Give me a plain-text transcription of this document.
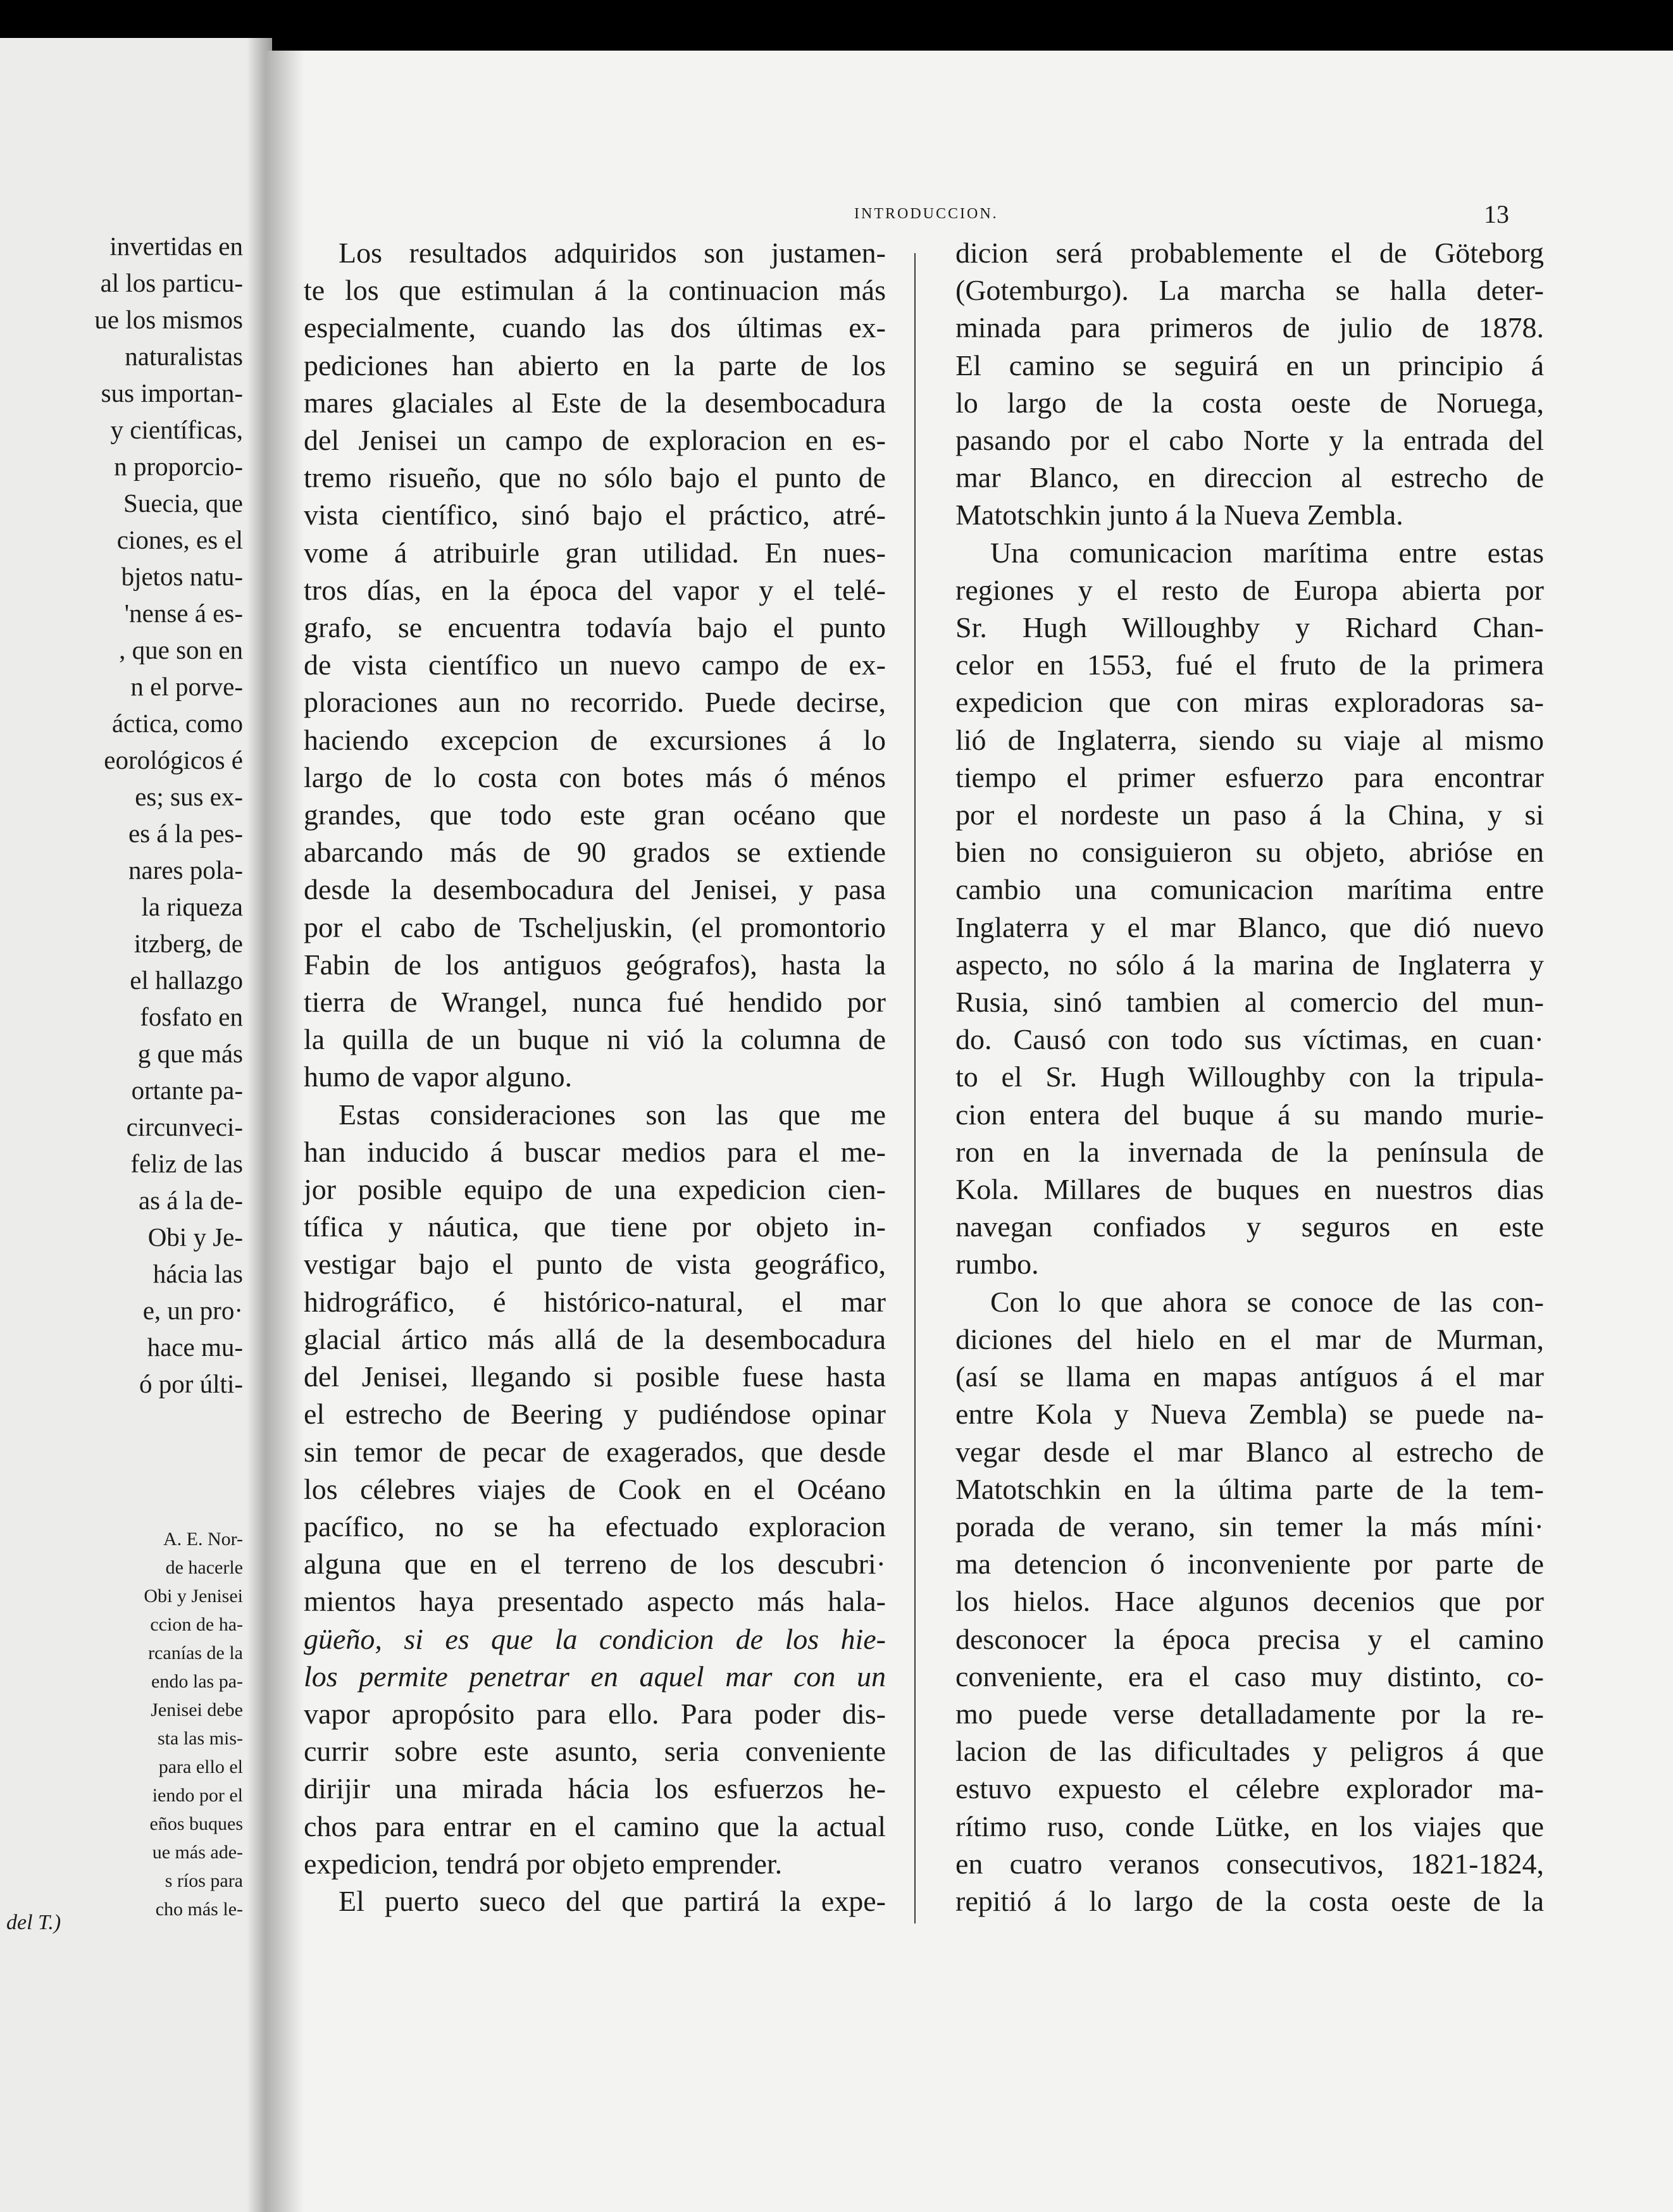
invertidas en
al los particu-
ue los mismos
naturalistas
sus importan-
y científicas,
n proporcio-
Suecia, que
ciones, es el
bjetos natu-
'nense á es-
, que son en
n el porve-
áctica, como
eorológicos é
es; sus ex-
es á la pes-
nares pola-
la riqueza
itzberg, de
el hallazgo
fosfato en
g que más
ortante pa-
circunveci-
feliz de las
as á la de-
Obi y Je-
hácia las
e, un pro·
hace mu-
ó por últi-
A. E. Nor-
de hacerle
Obi y Jenisei
ccion de ha-
rcanías de la
endo las pa-
Jenisei debe
sta las mis-
para ello el
iendo por el
eños buques
ue más ade-
s ríos para
cho más le-
del T.)
INTRODUCCION.	13
Los resultados adquiridos son justamen-
te los que estimulan á la continuacion más
especialmente, cuando las dos últimas ex-
pediciones han abierto en la parte de los
mares glaciales al Este de la desembocadura
del Jenisei un campo de exploracion en es-
tremo risueño, que no sólo bajo el punto de
vista científico, sinó bajo el práctico, atré-
vome á atribuirle gran utilidad. En nues-
tros días, en la época del vapor y el telé-
grafo, se encuentra todavía bajo el punto
de vista científico un nuevo campo de ex-
ploraciones aun no recorrido. Puede decirse,
haciendo excepcion de excursiones á lo
largo de lo costa con botes más ó ménos
grandes, que todo este gran océano que
abarcando más de 90 grados se extiende
desde la desembocadura del Jenisei, y pasa
por el cabo de Tscheljuskin, (el promontorio
Fabin de los antiguos geógrafos), hasta la
tierra de Wrangel, nunca fué hendido por
la quilla de un buque ni vió la columna de
humo de vapor alguno.
Estas consideraciones son las que me
han inducido á buscar medios para el me-
jor posible equipo de una expedicion cien-
tífica y náutica, que tiene por objeto in-
vestigar bajo el punto de vista geográfico,
hidrográfico, é histórico-natural, el mar
glacial ártico más allá de la desembocadura
del Jenisei, llegando si posible fuese hasta
el estrecho de Beering y pudiéndose opinar
sin temor de pecar de exagerados, que desde
los célebres viajes de Cook en el Océano
pacífico, no se ha efectuado exploracion
alguna que en el terreno de los descubri·
mientos haya presentado aspecto más hala-
güeño, si es que la condicion de los hie-
los permite penetrar en aquel mar con un
vapor apropósito para ello. Para poder dis-
currir sobre este asunto, seria conveniente
dirijir una mirada hácia los esfuerzos he-
chos para entrar en el camino que la actual
expedicion, tendrá por objeto emprender.
El puerto sueco del que partirá la expe-
dicion será probablemente el de Göteborg
(Gotemburgo). La marcha se halla deter-
minada para primeros de julio de 1878.
El camino se seguirá en un principio á
lo largo de la costa oeste de Noruega,
pasando por el cabo Norte y la entrada del
mar Blanco, en direccion al estrecho de
Matotschkin junto á la Nueva Zembla.
Una comunicacion marítima entre estas
regiones y el resto de Europa abierta por
Sr. Hugh Willoughby y Richard Chan-
celor en 1553, fué el fruto de la primera
expedicion que con miras exploradoras sa-
lió de Inglaterra, siendo su viaje al mismo
tiempo el primer esfuerzo para encontrar
por el nordeste un paso á la China, y si
bien no consiguieron su objeto, abrióse en
cambio una comunicacion marítima entre
Inglaterra y el mar Blanco, que dió nuevo
aspecto, no sólo á la marina de Inglaterra y
Rusia, sinó tambien al comercio del mun-
do. Causó con todo sus víctimas, en cuan·
to el Sr. Hugh Willoughby con la tripula-
cion entera del buque á su mando murie-
ron en la invernada de la península de
Kola. Millares de buques en nuestros dias
navegan confiados y seguros en este
rumbo.
Con lo que ahora se conoce de las con-
diciones del hielo en el mar de Murman,
(así se llama en mapas antíguos á el mar
entre Kola y Nueva Zembla) se puede na-
vegar desde el mar Blanco al estrecho de
Matotschkin en la última parte de la tem-
porada de verano, sin temer la más míni·
ma detencion ó inconveniente por parte de
los hielos. Hace algunos decenios que por
desconocer la época precisa y el camino
conveniente, era el caso muy distinto, co-
mo puede verse detalladamente por la re-
lacion de las dificultades y peligros á que
estuvo expuesto el célebre explorador ma-
rítimo ruso, conde Lütke, en los viajes que
en cuatro veranos consecutivos, 1821-1824,
repitió á lo largo de la costa oeste de la
